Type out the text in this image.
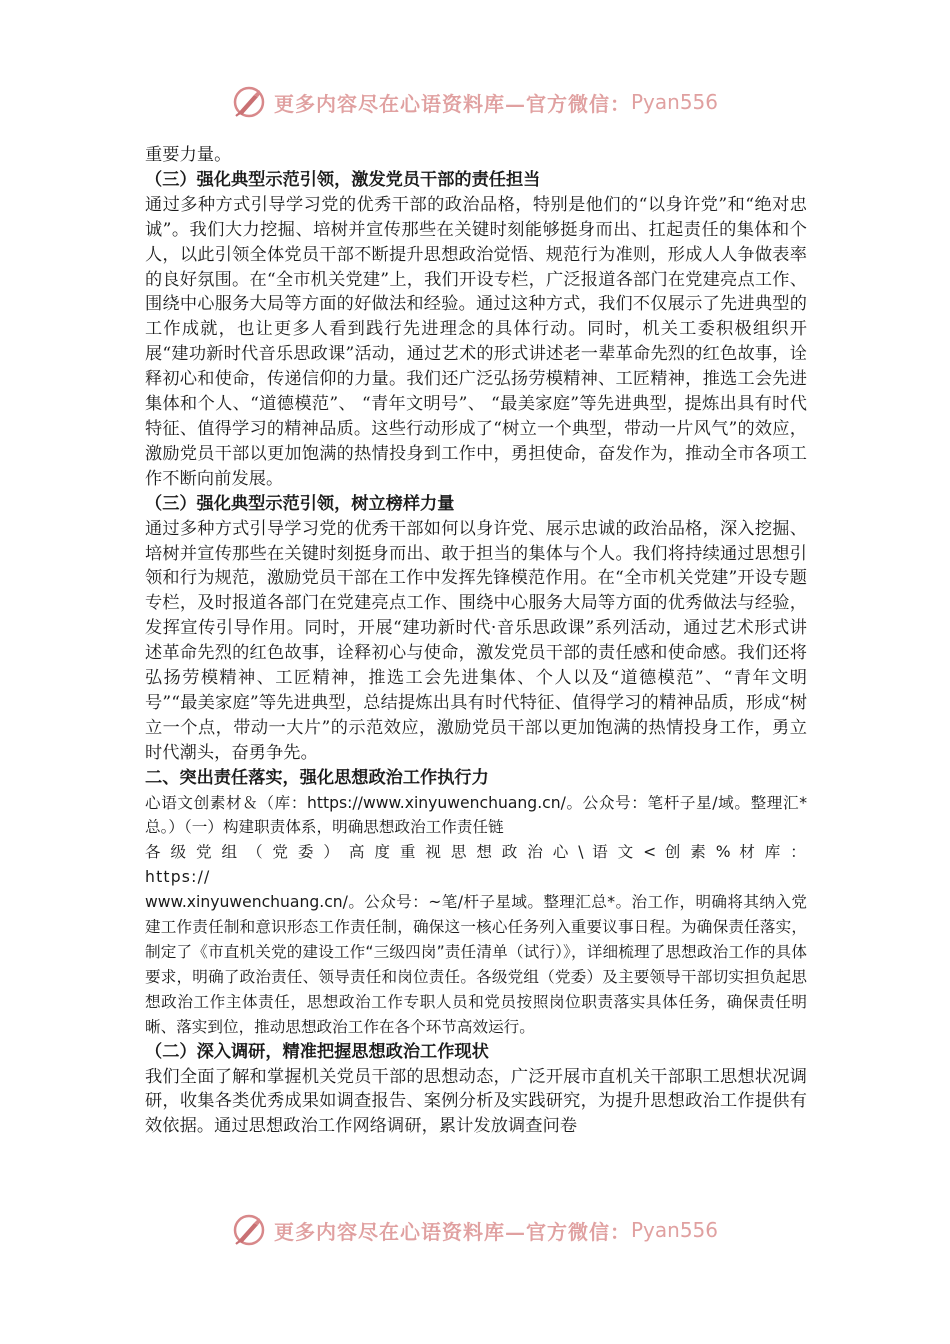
更多内容尽在心语资料库—官方微信： Pyan556

重要力量。

（三）强化典型示范引领，激发党员干部的责任担当

通过多种方式引导学习党的优秀干部的政治品格，特别是他们的“以身许党”和“绝对忠诚”。我们大力挖掘、培树并宣传那些在关键时刻能够挺身而出、扛起责任的集体和个人，以此引领全体党员干部不断提升思想政治觉悟、规范行为准则，形成人人争做表率的良好氛围。在“全市机关党建”上，我们开设专栏，广泛报道各部门在党建亮点工作、围绕中心服务大局等方面的好做法和经验。通过这种方式，我们不仅展示了先进典型的工作成就，也让更多人看到践行先进理念的具体行动。同时，机关工委积极组织开展“建功新时代音乐思政课”活动，通过艺术的形式讲述老一辈革命先烈的红色故事，诠释初心和使命，传递信仰的力量。我们还广泛弘扬劳模精神、工匠精神，推选工会先进集体和个人、“道德模范”、 “青年文明号”、 “最美家庭”等先进典型，提炼出具有时代特征、值得学习的精神品质。这些行动形成了“树立一个典型，带动一片风气”的效应，激励党员干部以更加饱满的热情投身到工作中，勇担使命，奋发作为，推动全市各项工作不断向前发展。

（三）强化典型示范引领，树立榜样力量

通过多种方式引导学习党的优秀干部如何以身许党、展示忠诚的政治品格，深入挖掘、培树并宣传那些在关键时刻挺身而出、敢于担当的集体与个人。我们将持续通过思想引领和行为规范，激励党员干部在工作中发挥先锋模范作用。在“全市机关党建”开设专题专栏，及时报道各部门在党建亮点工作、围绕中心服务大局等方面的优秀做法与经验，发挥宣传引导作用。同时，开展“建功新时代·音乐思政课”系列活动，通过艺术形式讲述革命先烈的红色故事，诠释初心与使命，激发党员干部的责任感和使命感。我们还将弘扬劳模精神、工匠精神，推选工会先进集体、个人以及“道德模范”、“青年文明号”“最美家庭”等先进典型，总结提炼出具有时代特征、值得学习的精神品质，形成“树立一个点，带动一大片”的示范效应，激励党员干部以更加饱满的热情投身工作，勇立时代潮头，奋勇争先。

二、突出责任落实，强化思想政治工作执行力

心语文创素材＆（库：https://www.xinyuwenchuang.cn/。公众号：笔杆子星/域。整理汇*总。）（一）构建职责体系，明确思想政治工作责任链

各 级 党 组 （ 党 委 ） 高 度 重 视 思 想 政 治 心 \ 语 文 < 创 素 % 材 库 ： https://

www.xinyuwenchuang.cn/。公众号：~笔/杆子星域。整理汇总*。治工作，明确将其纳入党建工作责任制和意识形态工作责任制，确保这一核心任务列入重要议事日程。为确保责任落实，制定了《市直机关党的建设工作“三级四岗”责任清单（试行）》，详细梳理了思想政治工作的具体要求，明确了政治责任、领导责任和岗位责任。各级党组（党委）及主要领导干部切实担负起思想政治工作主体责任，思想政治工作专职人员和党员按照岗位职责落实具体任务，确保责任明晰、落实到位，推动思想政治工作在各个环节高效运行。

（二）深入调研，精准把握思想政治工作现状

我们全面了解和掌握机关党员干部的思想动态，广泛开展市直机关干部职工思想状况调研，收集各类优秀成果如调查报告、案例分析及实践研究，为提升思想政治工作提供有效依据。通过思想政治工作网络调研，累计发放调查问卷

更多内容尽在心语资料库—官方微信： Pyan556
